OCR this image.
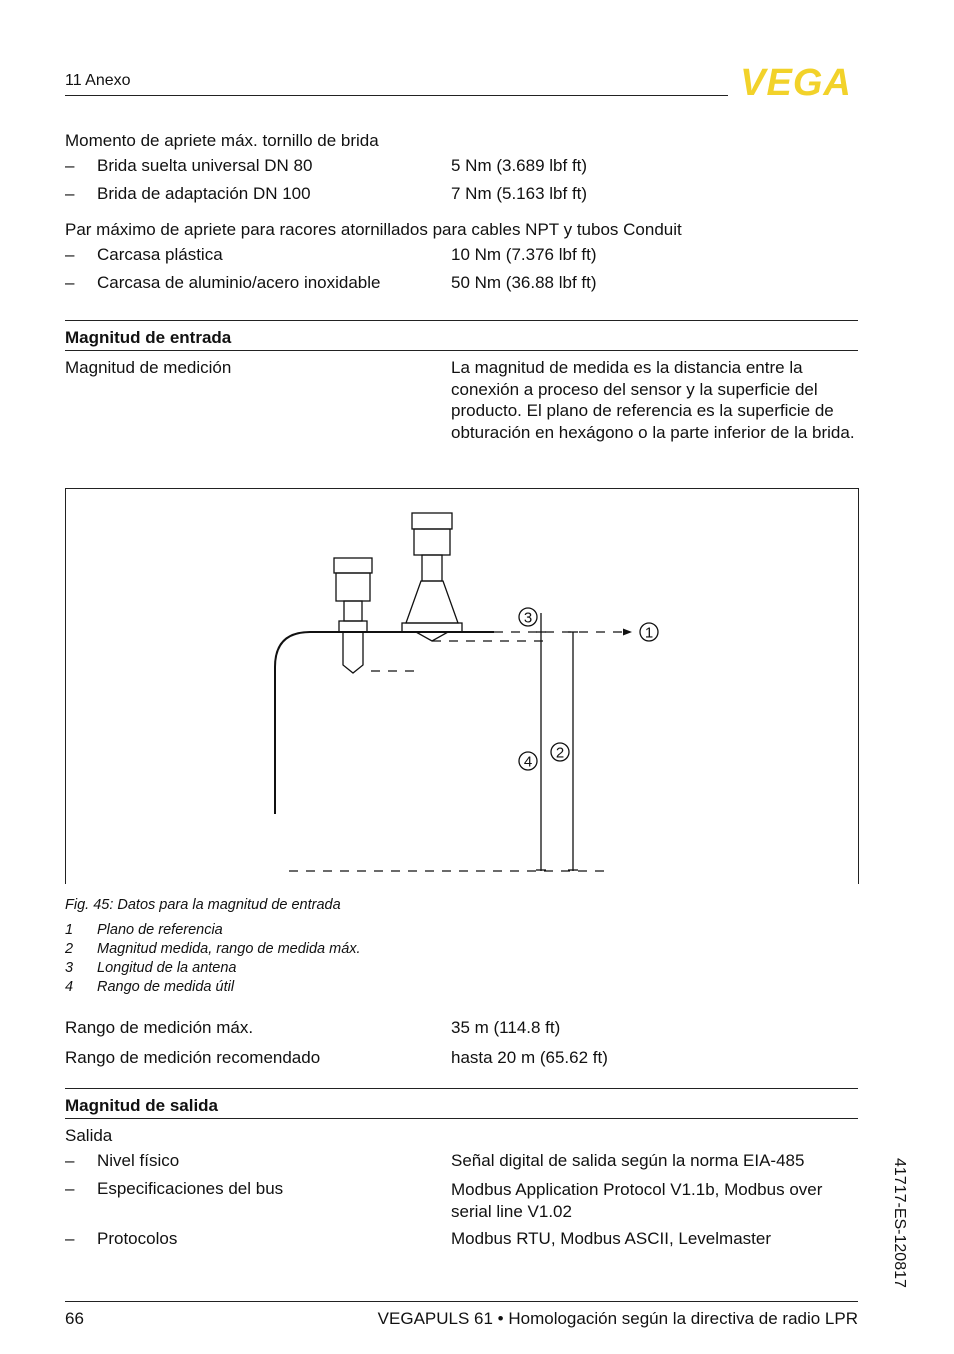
11 Anexo	VEGA
Momento de apriete máx. tornillo de brida
– Brida suelta universal DN 80	5 Nm (3.689 lbf ft)
– Brida de adaptación DN 100	7 Nm (5.163 lbf ft)
Par máximo de apriete para racores atornillados para cables NPT y tubos Conduit
– Carcasa plástica	10 Nm (7.376 lbf ft)
– Carcasa de aluminio/acero inoxidable	50 Nm (36.88 lbf ft)
Magnitud de entrada
Magnitud de medición	La magnitud de medida es la distancia entre la conexión a proceso del sensor y la superficie del producto. El plano de referencia es la superficie de obturación en hexágono o la parte inferior de la brida.
3
1
2
4
Fig. 45: Datos para la magnitud de entrada
1 Plano de referencia
2 Magnitud medida, rango de medida máx.
3 Longitud de la antena
4 Rango de medida útil
Rango de medición máx.	35 m (114.8 ft)
Rango de medición recomendado	hasta 20 m (65.62 ft)
Magnitud de salida
Salida
– Nivel físico	Señal digital de salida según la norma EIA-485
– Especificaciones del bus	Modbus Application Protocol V1.1b, Modbus over serial line V1.02
– Protocolos	Modbus RTU, Modbus ASCII, Levelmaster	41717-ES-120817
66	VEGAPULS 61 • Homologación según la directiva de radio LPR
